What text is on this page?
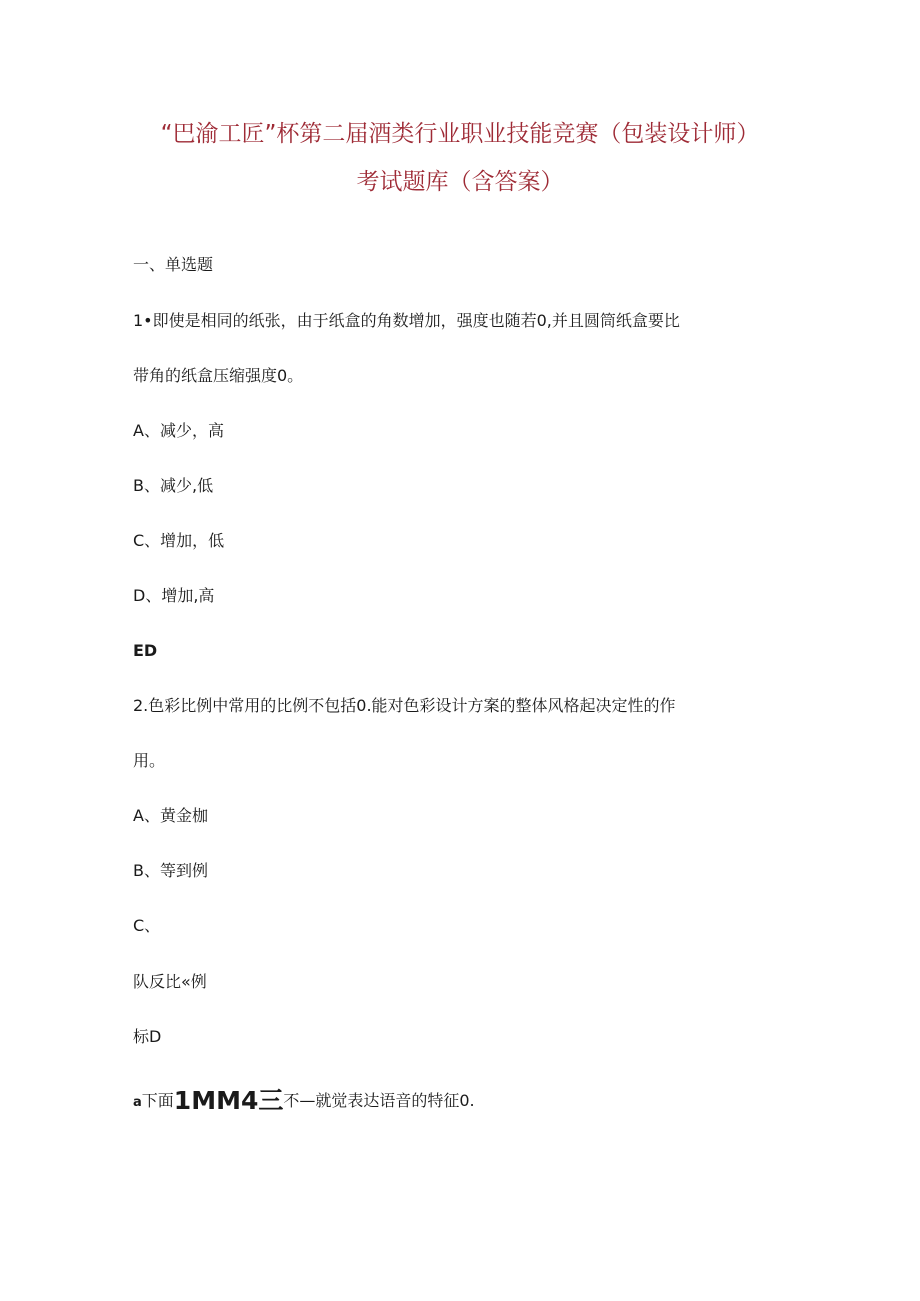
“巴渝工匠”杯第二届酒类行业职业技能竞赛（包装设计师）
考试题库（含答案）
一、单选题
1•即使是相同的纸张，由于纸盒的角数增加，强度也随若0,并且圆筒纸盒要比
带角的纸盒压缩强度0。
A、减少，高
B、减少,低
C、增加，低
D、增加,高
ED
2.色彩比例中常用的比例不包括0.能对色彩设计方案的整体风格起决定性的作
用。
A、黄金枷
B、等到例
C、
队反比«例
标D
a下面1MM4三不—就觉表达语音的特征0.
